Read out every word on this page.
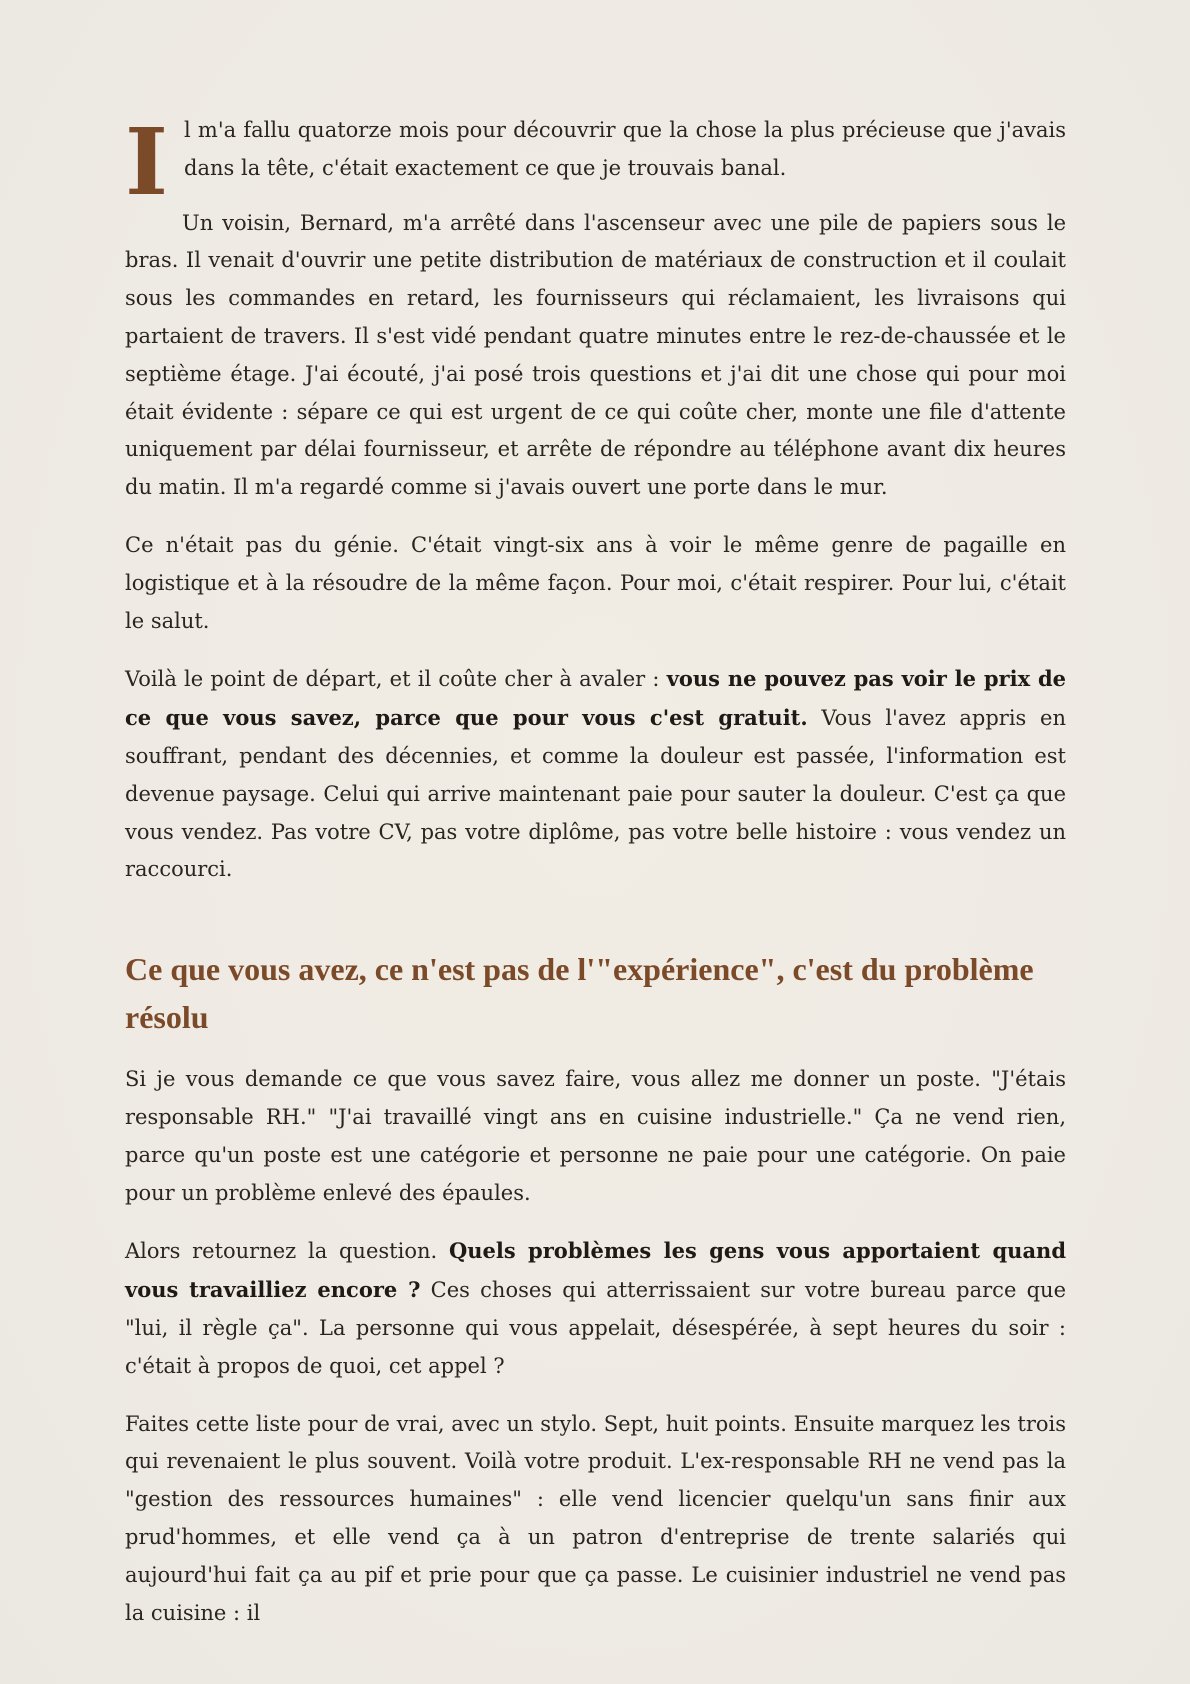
Il m'a fallu quatorze mois pour découvrir que la chose la plus précieuse que j'avais dans la tête, c'était exactement ce que je trouvais banal.

Un voisin, Bernard, m'a arrêté dans l'ascenseur avec une pile de papiers sous le bras. Il venait d'ouvrir une petite distribution de matériaux de construction et il coulait sous les commandes en retard, les fournisseurs qui réclamaient, les livraisons qui partaient de travers. Il s'est vidé pendant quatre minutes entre le rez-de-chaussée et le septième étage. J'ai écouté, j'ai posé trois questions et j'ai dit une chose qui pour moi était évidente : sépare ce qui est urgent de ce qui coûte cher, monte une file d'attente uniquement par délai fournisseur, et arrête de répondre au téléphone avant dix heures du matin. Il m'a regardé comme si j'avais ouvert une porte dans le mur.

Ce n'était pas du génie. C'était vingt-six ans à voir le même genre de pagaille en logistique et à la résoudre de la même façon. Pour moi, c'était respirer. Pour lui, c'était le salut.

Voilà le point de départ, et il coûte cher à avaler : vous ne pouvez pas voir le prix de ce que vous savez, parce que pour vous c'est gratuit. Vous l'avez appris en souffrant, pendant des décennies, et comme la douleur est passée, l'information est devenue paysage. Celui qui arrive maintenant paie pour sauter la douleur. C'est ça que vous vendez. Pas votre CV, pas votre diplôme, pas votre belle histoire : vous vendez un raccourci.

Ce que vous avez, ce n'est pas de l'"expérience", c'est du problème résolu

Si je vous demande ce que vous savez faire, vous allez me donner un poste. "J'étais responsable RH." "J'ai travaillé vingt ans en cuisine industrielle." Ça ne vend rien, parce qu'un poste est une catégorie et personne ne paie pour une catégorie. On paie pour un problème enlevé des épaules.

Alors retournez la question. Quels problèmes les gens vous apportaient quand vous travailliez encore ? Ces choses qui atterrissaient sur votre bureau parce que "lui, il règle ça". La personne qui vous appelait, désespérée, à sept heures du soir : c'était à propos de quoi, cet appel ?

Faites cette liste pour de vrai, avec un stylo. Sept, huit points. Ensuite marquez les trois qui revenaient le plus souvent. Voilà votre produit. L'ex-responsable RH ne vend pas la "gestion des ressources humaines" : elle vend licencier quelqu'un sans finir aux prud'hommes, et elle vend ça à un patron d'entreprise de trente salariés qui aujourd'hui fait ça au pif et prie pour que ça passe. Le cuisinier industriel ne vend pas la cuisine : il
